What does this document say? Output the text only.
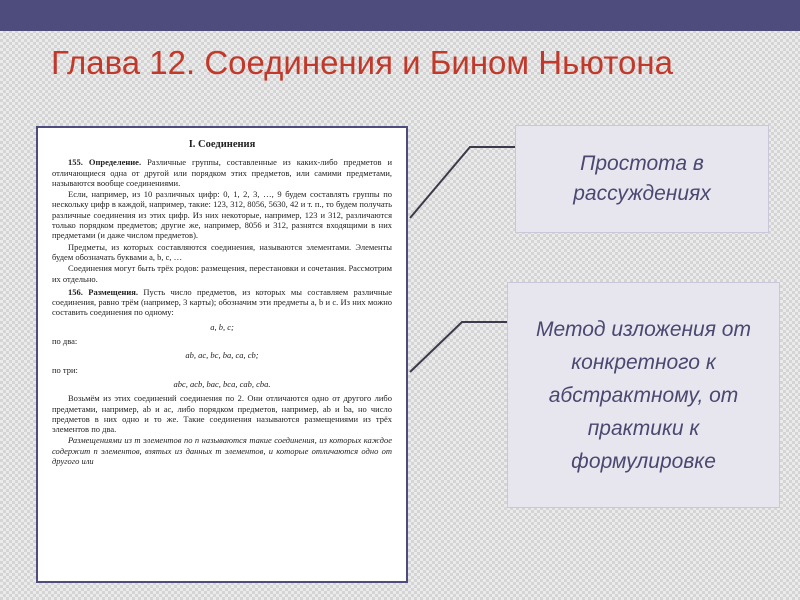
Глава 12. Соединения и Бином Ньютона
I. Соединения

155. Определение. Различные группы, составленные из каких-либо предметов и отличающиеся одна от другой или порядком этих предметов, или самими предметами, называются вообще соединениями.

Если, например, из 10 различных цифр: 0, 1, 2, 3, …, 9 будем составлять группы по нескольку цифр в каждой, например, такие: 123, 312, 8056, 5630, 42 и т. п., то будем получать различные соединения из этих цифр. Из них некоторые, например, 123 и 312, различаются только порядком предметов; другие же, например, 8056 и 312, разнятся входящими в них предметами (и даже числом предметов).

Предметы, из которых составляются соединения, называются элементами. Элементы будем обозначать буквами a, b, c, …

Соединения могут быть трёх родов: размещения, перестановки и сочетания. Рассмотрим их отдельно.

156. Размещения. Пусть число предметов, из которых мы составляем различные соединения, равно трём (например, 3 карты); обозначим эти предметы a, b и c. Из них можно составить соединения по одному:

a, b, c;
по два:
ab, ac, bc, ba, ca, cb;
по три:
abc, acb, bac, bca, cab, cba.

Возьмём из этих соединений соединения по 2. Они отличаются одно от другого либо предметами, например, ab и ac, либо порядком предметов, например, ab и ba, но число предметов в них одно и то же. Такие соединения называются размещениями из трёх элементов по два.

Размещениями из m элементов по n называются такие соединения, из которых каждое содержит n элементов, взятых из данных m элементов, и которые отличаются одно от другого или

Простота в рассуждениях
Метод изложения от конкретного к абстрактному, от практики к формулировке
